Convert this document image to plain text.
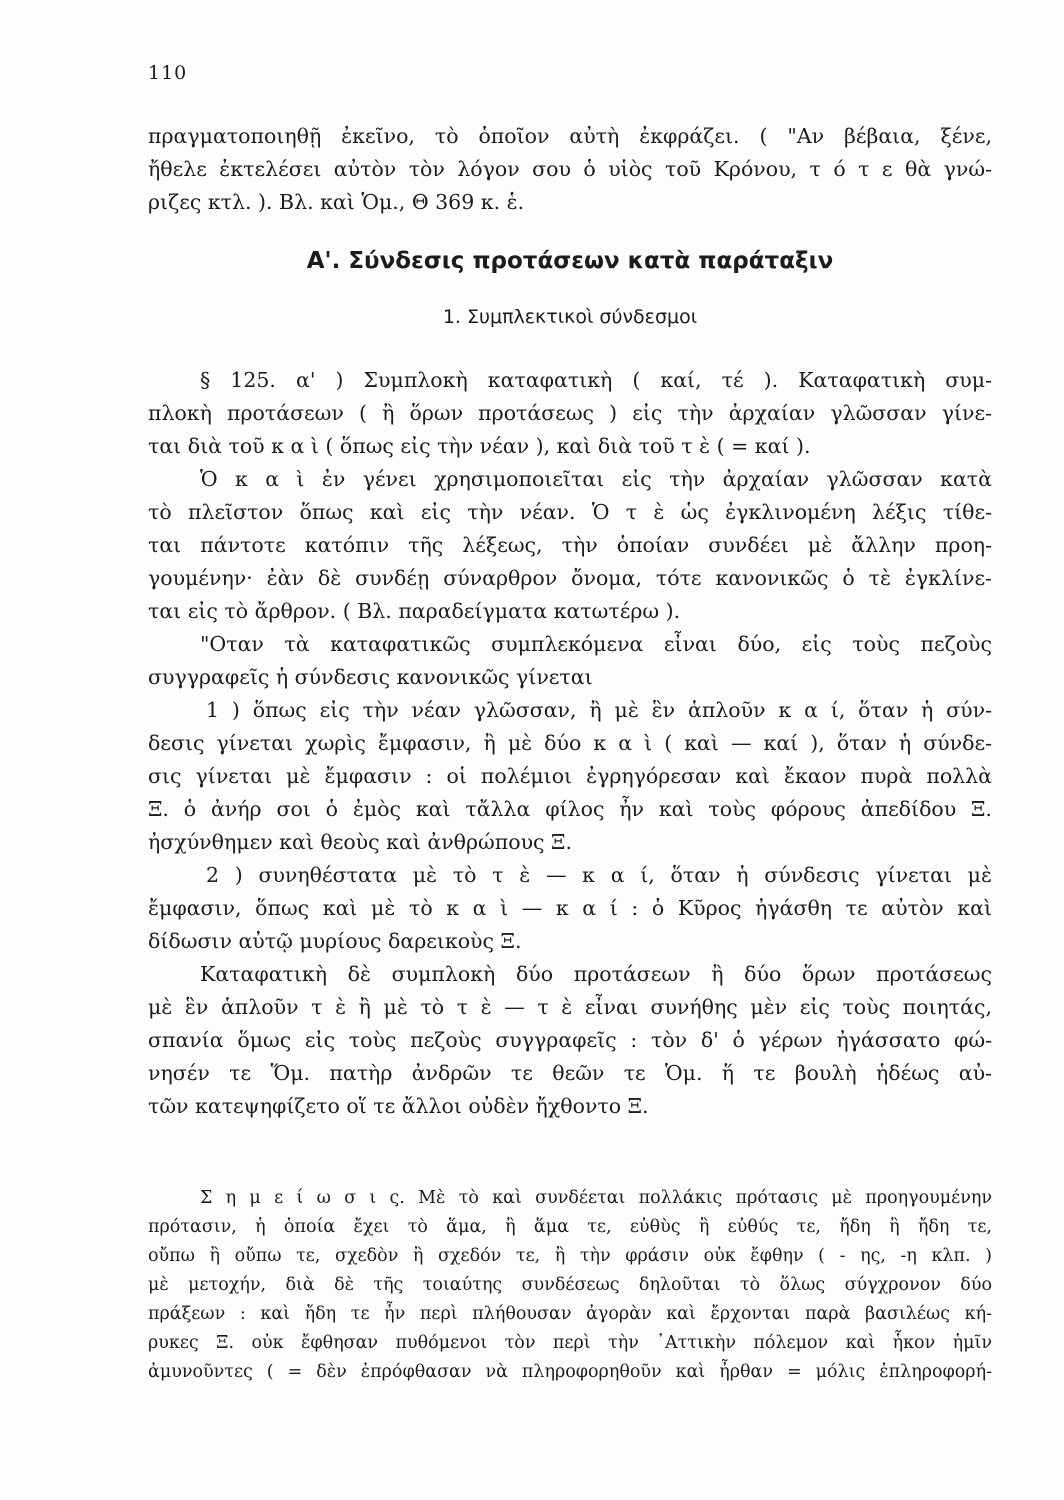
110
πραγματοποιηθῇ ἐκεῖνο, τὸ ὁποῖον αὐτὴ ἐκφράζει. ( "Αν βέβαια, ξένε,
ἤθελε ἐκτελέσει αὐτὸν τὸν λόγον σου ὁ υἱὸς τοῦ Κρόνου, τ ό τ ε θὰ γνώ-
ριζες κτλ. ). Βλ. καὶ Ὁμ., Θ 369 κ. ἑ.
Α'. Σύνδεσις προτάσεων κατὰ παράταξιν
1. Συμπλεκτικοὶ σύνδεσμοι
§ 125. α' ) Συμπλοκὴ καταφατικὴ ( καί, τέ ). Καταφατικὴ συμ-
πλοκὴ προτάσεων ( ἢ ὅρων προτάσεως ) εἰς τὴν ἀρχαίαν γλῶσσαν γίνε-
ται διὰ τοῦ κ α ὶ ( ὅπως εἰς τὴν νέαν ), καὶ διὰ τοῦ τ ὲ ( = καί ).
Ὁ κ α ὶ ἐν γένει χρησιμοποιεῖται εἰς τὴν ἀρχαίαν γλῶσσαν κατὰ
τὸ πλεῖστον ὅπως καὶ εἰς τὴν νέαν. Ὁ τ ὲ ὡς ἐγκλινομένη λέξις τίθε-
ται πάντοτε κατόπιν τῆς λέξεως, τὴν ὁποίαν συνδέει μὲ ἄλλην προη-
γουμένην· ἐὰν δὲ συνδέῃ σύναρθρον ὄνομα, τότε κανονικῶς ὁ τὲ ἐγκλίνε-
ται εἰς τὸ ἄρθρον. ( Βλ. παραδείγματα κατωτέρω ).
"Οταν τὰ καταφατικῶς συμπλεκόμενα εἶναι δύο, εἰς τοὺς πεζοὺς
συγγραφεῖς ἡ σύνδεσις κανονικῶς γίνεται
1 ) ὅπως εἰς τὴν νέαν γλῶσσαν, ἢ μὲ ἓν ἁπλοῦν κ α ί, ὅταν ἡ σύν-
δεσις γίνεται χωρὶς ἔμφασιν, ἢ μὲ δύο κ α ὶ ( καὶ — καί ), ὅταν ἡ σύνδε-
σις γίνεται μὲ ἔμφασιν : οἱ πολέμιοι ἐγρηγόρεσαν καὶ ἔκαον πυρὰ πολλὰ
Ξ. ὁ ἀνήρ σοι ὁ ἐμὸς καὶ τἄλλα φίλος ἦν καὶ τοὺς φόρους ἀπεδίδου Ξ.
ἠσχύνθημεν καὶ θεοὺς καὶ ἀνθρώπους Ξ.
2 ) συνηθέστατα μὲ τὸ τ ὲ — κ α ί, ὅταν ἡ σύνδεσις γίνεται μὲ
ἔμφασιν, ὅπως καὶ μὲ τὸ κ α ὶ — κ α ί : ὁ Κῦρος ἠγάσθη τε αὐτὸν καὶ
δίδωσιν αὐτῷ μυρίους δαρεικοὺς Ξ.
Καταφατικὴ δὲ συμπλοκὴ δύο προτάσεων ἢ δύο ὅρων προτάσεως
μὲ ἓν ἁπλοῦν τ ὲ ἢ μὲ τὸ τ ὲ — τ ὲ εἶναι συνήθης μὲν εἰς τοὺς ποιητάς,
σπανία ὅμως εἰς τοὺς πεζοὺς συγγραφεῖς : τὸν δ' ὁ γέρων ἠγάσσατο φώ-
νησέν τε Ὅμ. πατὴρ ἀνδρῶν τε θεῶν τε Ὁμ. ἥ τε βουλὴ ἡδέως αὐ-
τῶν κατεψηφίζετο οἵ τε ἄλλοι οὐδὲν ἤχθοντο Ξ.
Σ η μ ε ί ω σ ι ς. Μὲ τὸ καὶ συνδέεται πολλάκις πρότασις μὲ προηγουμένην
πρότασιν, ἡ ὁποία ἔχει τὸ ἅμα, ἢ ἅμα τε, εὐθὺς ἢ εὐθύς τε, ἤδη ἢ ἤδη τε,
οὔπω ἢ οὔπω τε, σχεδὸν ἢ σχεδόν τε, ἢ τὴν φράσιν οὐκ ἔφθην ( - ης, -η κλπ. )
μὲ μετοχήν, διὰ δὲ τῆς τοιαύτης συνδέσεως δηλοῦται τὸ ὅλως σύγχρονον δύο
πράξεων : καὶ ἤδη τε ἦν περὶ πλήθουσαν ἀγορὰν καὶ ἔρχονται παρὰ βασιλέως κή-
ρυκες Ξ. οὐκ ἔφθησαν πυθόμενοι τὸν περὶ τὴν ᾿Αττικὴν πόλεμον καὶ ἧκον ἡμῖν
ἀμυνοῦντες ( = δὲν ἐπρόφθασαν νὰ πληροφορηθοῦν καὶ ἦρθαν = μόλις ἐπληροφορή-
